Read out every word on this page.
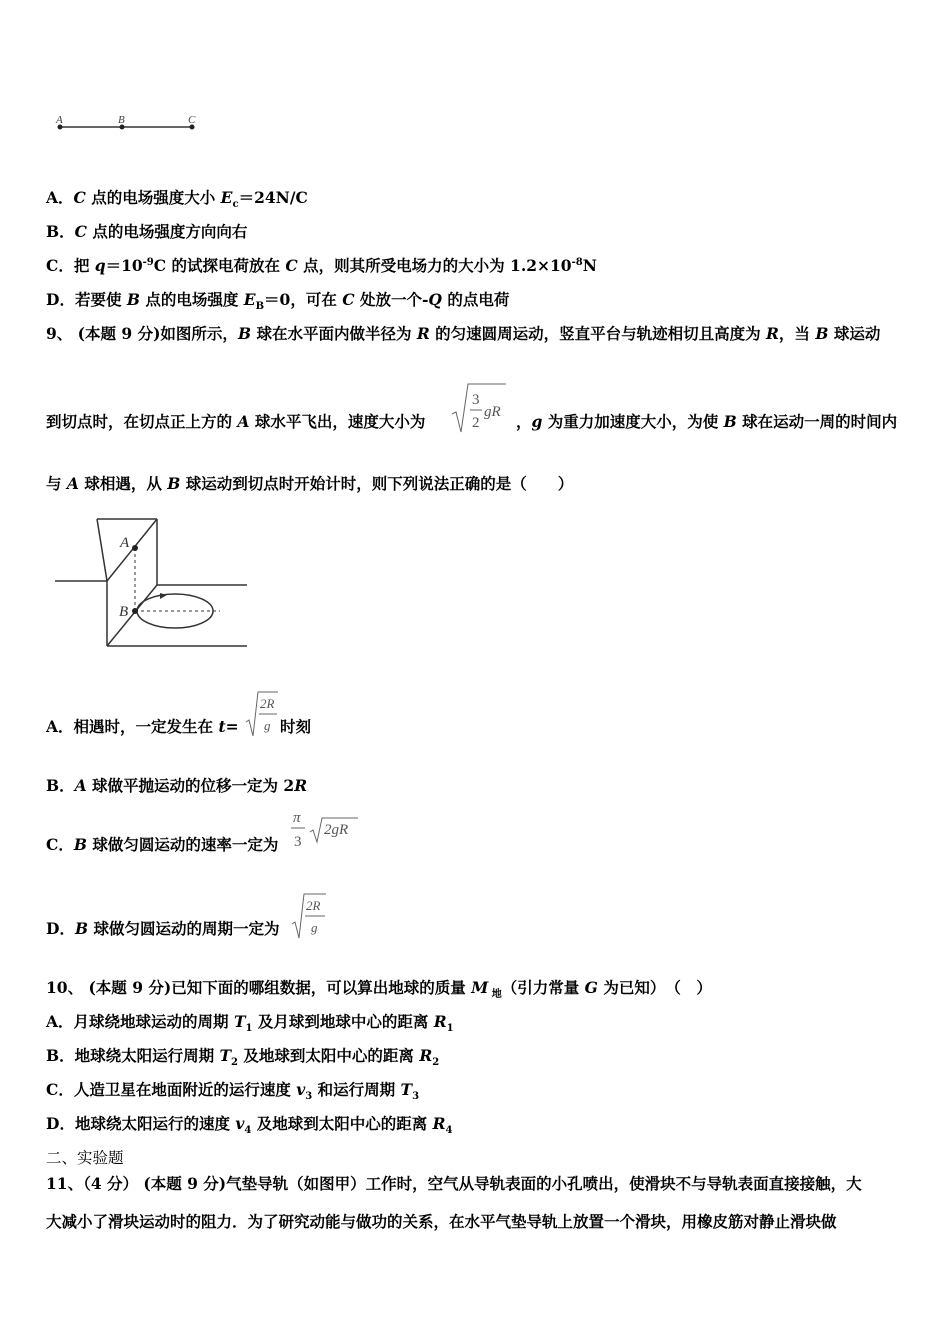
A	B	C
A．C 点的电场强度大小 $E_c=24N/C$
B．C 点的电场强度方向向右
C．把 $q=10^{-9}C$ 的试探电荷放在 C 点，则其所受电场力的大小为 $1.2\times 10^{-8}N$
D．若要使 B 点的电场强度 $E_B=0$，可在 C 处放一个-Q 的点电荷
9、 (本题 9 分)如图所示，B 球在水平面内做半径为 R 的匀速圆周运动，竖直平台与轨迹相切且高度为 R，当 B 球运动
到切点时，在切点正上方的 A 球水平飞出，速度大小为
3
2
gR ，g 为重力加速度大小，为使 B 球在运动一周的时间内
与 A 球相遇，从 B 球运动到切点时开始计时，则下列说法正确的是（　　）
A
B
A．相遇时，一定发生在 t= 时刻
2R
g
B．A 球做平抛运动的位移一定为 2R
C．B 球做匀圆运动的速率一定为
π
3
2gR
D．B 球做匀圆运动的周期一定为
2R
g
10、 (本题 9 分)已知下面的哪组数据，可以算出地球的质量 M $_地$（引力常量 G 为已知）　（　）
A．月球绕地球运动的周期 $T_1$ 及月球到地球中心的距离 $R_1$
B．地球绕太阳运行周期 $T_2$ 及地球到太阳中心的距离 $R_2$
C．人造卫星在地面附近的运行速度 $v_3$ 和运行周期 $T_3$
D．地球绕太阳运行的速度 $v_4$ 及地球到太阳中心的距离 $R_4$
二、实验题
11、（4 分） (本题 9 分)气垫导轨（如图甲）工作时，空气从导轨表面的小孔喷出，使滑块不与导轨表面直接接触，大
大减小了滑块运动时的阻力．为了研究动能与做功的关系，在水平气垫导轨上放置一个滑块，用橡皮筋对静止滑块做
